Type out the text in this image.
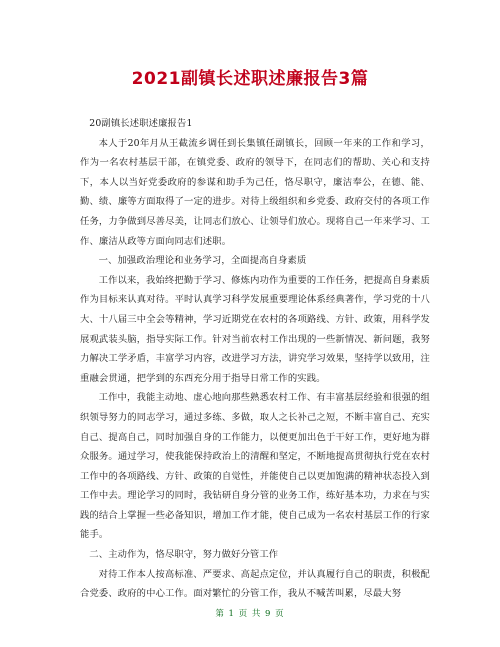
2021副镇长述职述廉报告3篇

20副镇长述职述廉报告1

本人于20年月从王截流乡调任到长集镇任副镇长，回顾一年来的工作和学习，作为一名农村基层干部，在镇党委、政府的领导下，在同志们的帮助、关心和支持下，本人以当好党委政府的参谋和助手为己任，恪尽职守，廉洁奉公，在德、能、勤、绩、廉等方面取得了一定的进步。对待上级组织和乡党委、政府交付的各项工作任务，力争做到尽善尽美，让同志们放心、让领导们放心。现将自己一年来学习、工作、廉洁从政等方面向同志们述职。

一、加强政治理论和业务学习，全面提高自身素质

工作以来，我始终把勤于学习、修炼内功作为重要的工作任务，把提高自身素质作为目标来认真对待。平时认真学习科学发展重要理论体系经典著作，学习党的十八大、十八届三中全会等精神，学习近期党在农村的各项路线、方针、政策，用科学发展观武装头脑，指导实际工作。针对当前农村工作出现的一些新情况、新问题，我努力解决工学矛盾，丰富学习内容，改进学习方法，讲究学习效果，坚持学以致用，注重融会贯通，把学到的东西充分用于指导日常工作的实践。

工作中，我能主动地、虚心地向那些熟悉农村工作、有丰富基层经验和很强的组织领导努力的同志学习，通过多练、多做，取人之长补己之短，不断丰富自己、充实自己、提高自己，同时加强自身的工作能力，以便更加出色于干好工作，更好地为群众服务。通过学习，使我能保持政治上的清醒和坚定，不断地提高贯彻执行党在农村工作中的各项路线、方针、政策的自觉性，并能使自己以更加饱满的精神状态投入到工作中去。理论学习的同时，我钻研自身分管的业务工作，练好基本功，力求在与实践的结合上掌握一些必备知识，增加工作才能，使自己成为一名农村基层工作的行家能手。

二、主动作为，恪尽职守，努力做好分管工作

对待工作本人按高标准、严要求、高起点定位，并认真履行自己的职责，积极配合党委、政府的中心工作。面对繁忙的分管工作，我从不喊苦叫累，尽最大努

第 1 页 共 9 页
